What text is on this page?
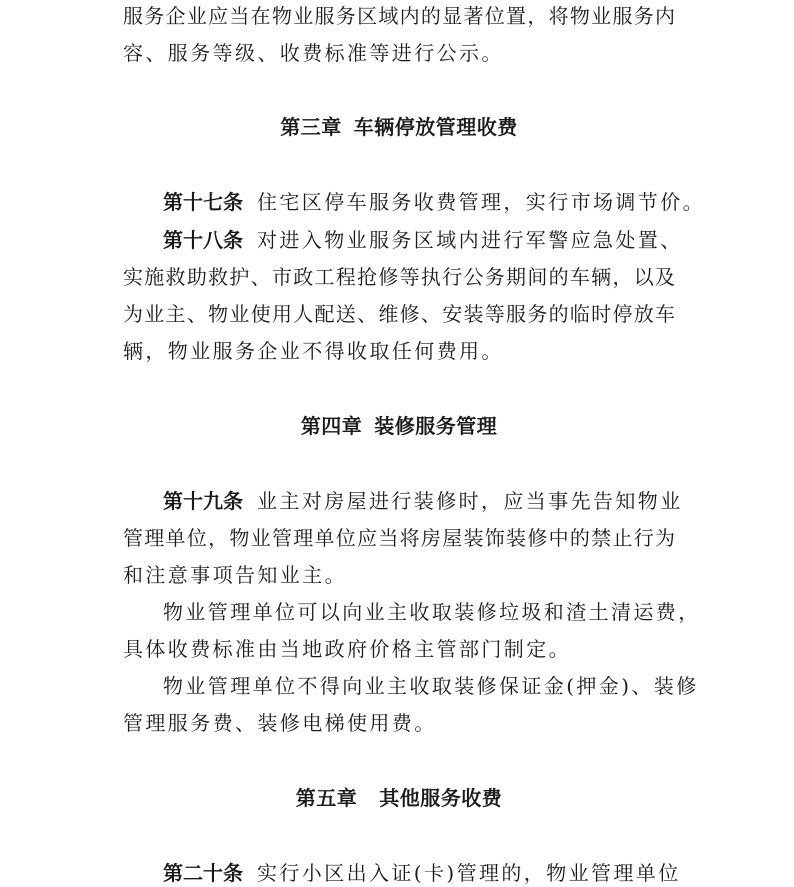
服务企业应当在物业服务区域内的显著位置，将物业服务内
容、服务等级、收费标准等进行公示。
第三章 车辆停放管理收费
第十七条 住宅区停车服务收费管理，实行市场调节价。
第十八条 对进入物业服务区域内进行军警应急处置、
实施救助救护、市政工程抢修等执行公务期间的车辆，以及
为业主、物业使用人配送、维修、安装等服务的临时停放车
辆，物业服务企业不得收取任何费用。
第四章 装修服务管理
第十九条 业主对房屋进行装修时，应当事先告知物业
管理单位，物业管理单位应当将房屋装饰装修中的禁止行为
和注意事项告知业主。
物业管理单位可以向业主收取装修垃圾和渣土清运费，
具体收费标准由当地政府价格主管部门制定。
物业管理单位不得向业主收取装修保证金(押金)、装修
管理服务费、装修电梯使用费。
第五章 其他服务收费
第二十条 实行小区出入证(卡)管理的，物业管理单位
